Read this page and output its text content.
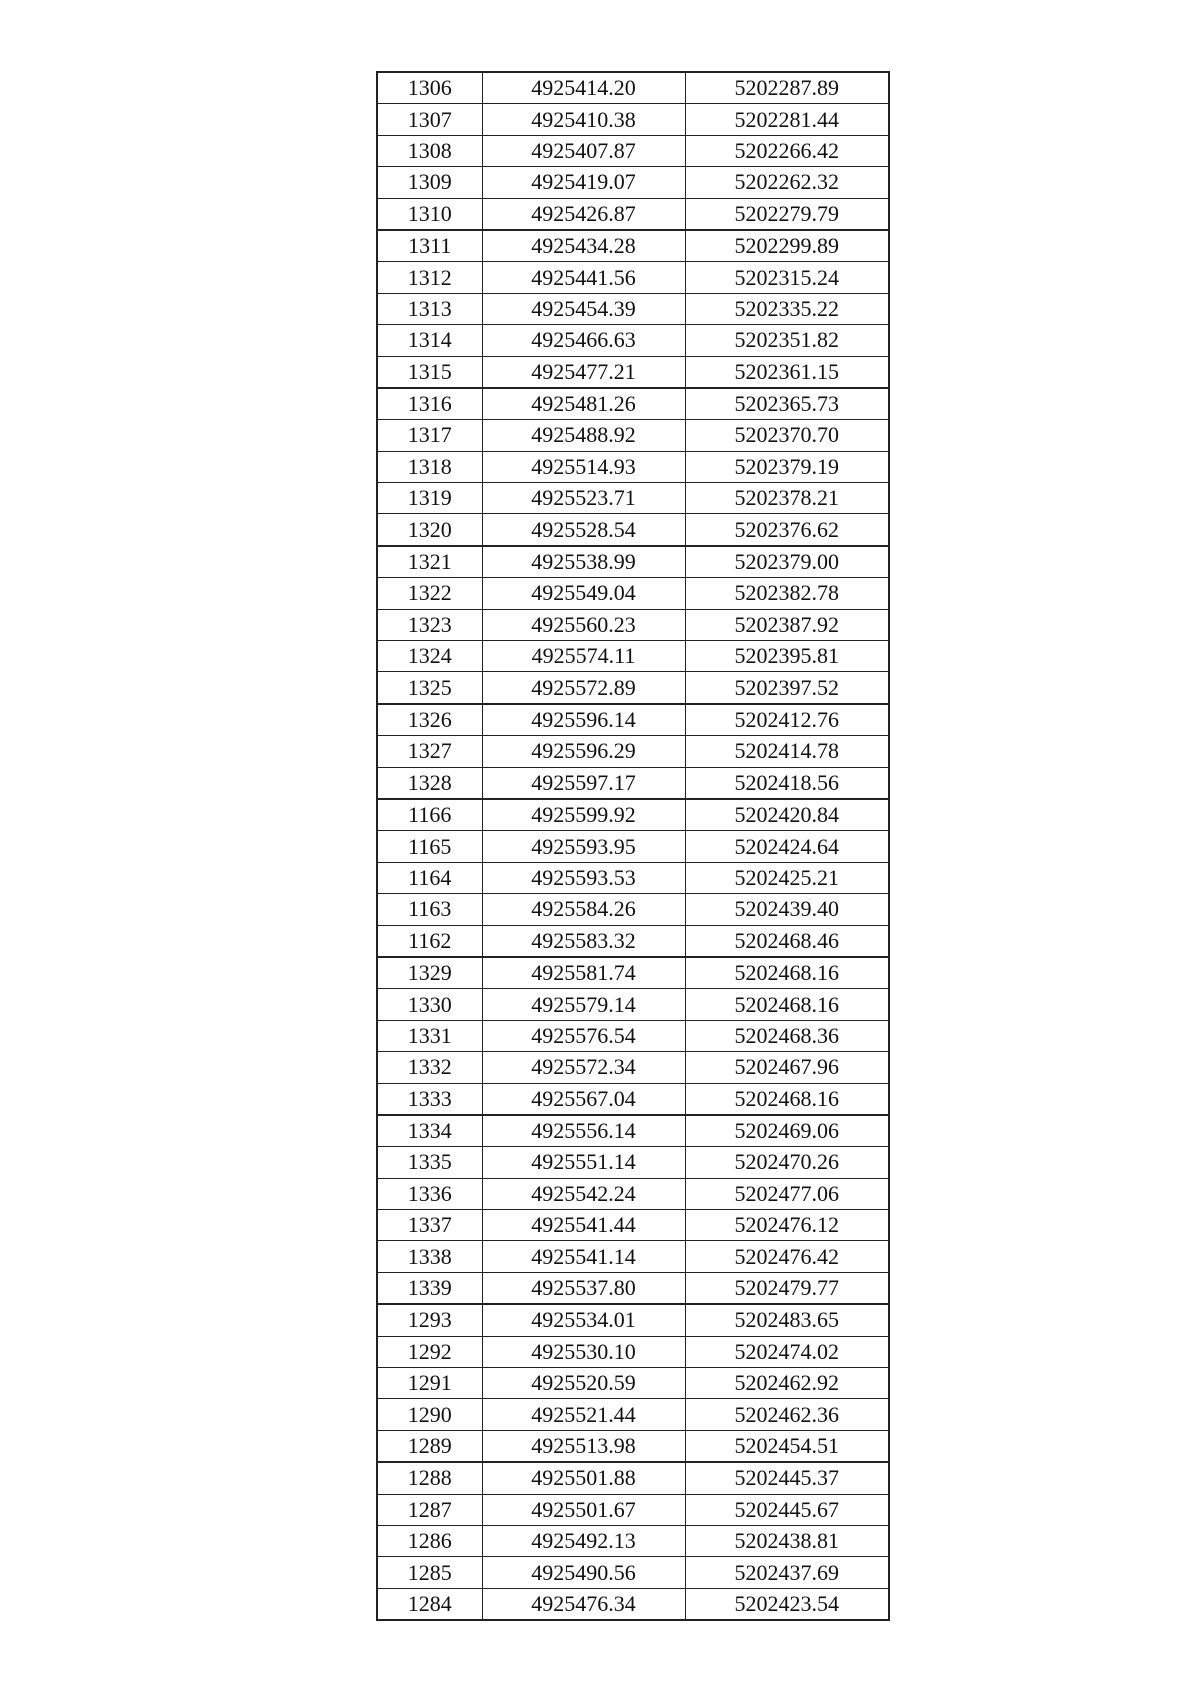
1306	4925414.20	5202287.89
1307	4925410.38	5202281.44
1308	4925407.87	5202266.42
1309	4925419.07	5202262.32
1310	4925426.87	5202279.79
1311	4925434.28	5202299.89
1312	4925441.56	5202315.24
1313	4925454.39	5202335.22
1314	4925466.63	5202351.82
1315	4925477.21	5202361.15
1316	4925481.26	5202365.73
1317	4925488.92	5202370.70
1318	4925514.93	5202379.19
1319	4925523.71	5202378.21
1320	4925528.54	5202376.62
1321	4925538.99	5202379.00
1322	4925549.04	5202382.78
1323	4925560.23	5202387.92
1324	4925574.11	5202395.81
1325	4925572.89	5202397.52
1326	4925596.14	5202412.76
1327	4925596.29	5202414.78
1328	4925597.17	5202418.56
1166	4925599.92	5202420.84
1165	4925593.95	5202424.64
1164	4925593.53	5202425.21
1163	4925584.26	5202439.40
1162	4925583.32	5202468.46
1329	4925581.74	5202468.16
1330	4925579.14	5202468.16
1331	4925576.54	5202468.36
1332	4925572.34	5202467.96
1333	4925567.04	5202468.16
1334	4925556.14	5202469.06
1335	4925551.14	5202470.26
1336	4925542.24	5202477.06
1337	4925541.44	5202476.12
1338	4925541.14	5202476.42
1339	4925537.80	5202479.77
1293	4925534.01	5202483.65
1292	4925530.10	5202474.02
1291	4925520.59	5202462.92
1290	4925521.44	5202462.36
1289	4925513.98	5202454.51
1288	4925501.88	5202445.37
1287	4925501.67	5202445.67
1286	4925492.13	5202438.81
1285	4925490.56	5202437.69
1284	4925476.34	5202423.54
